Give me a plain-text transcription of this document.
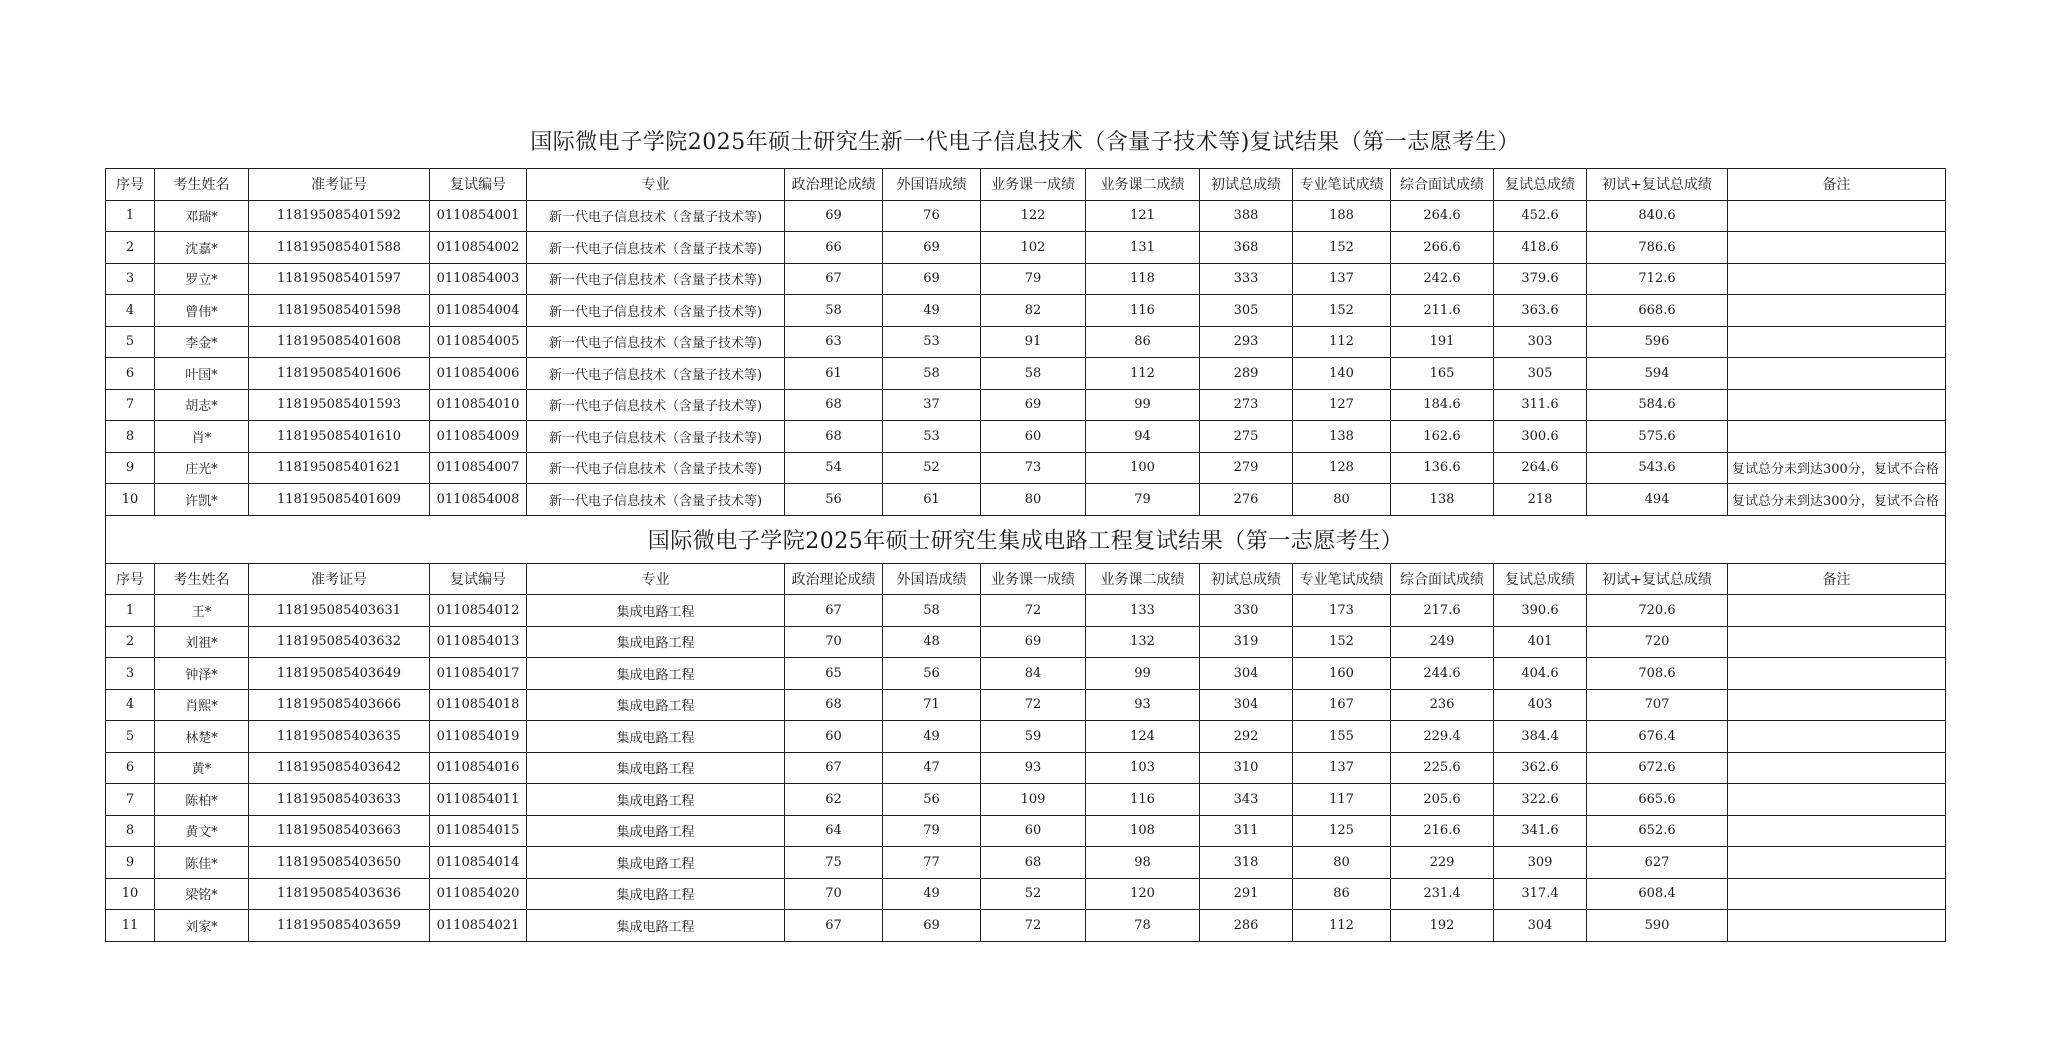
国际微电子学院2025年硕士研究生新一代电子信息技术（含量子技术等)复试结果（第一志愿考生）
序号	考生姓名	准考证号	复试编号	专业	政治理论成绩	外国语成绩	业务课一成绩	业务课二成绩	初试总成绩	专业笔试成绩	综合面试成绩	复试总成绩	初试+复试总成绩	备注
1	邓瑞*	118195085401592	0110854001	新一代电子信息技术（含量子技术等)	69	76	122	121	388	188	264.6	452.6	840.6	
2	沈嘉*	118195085401588	0110854002	新一代电子信息技术（含量子技术等)	66	69	102	131	368	152	266.6	418.6	786.6	
3	罗立*	118195085401597	0110854003	新一代电子信息技术（含量子技术等)	67	69	79	118	333	137	242.6	379.6	712.6	
4	曾伟*	118195085401598	0110854004	新一代电子信息技术（含量子技术等)	58	49	82	116	305	152	211.6	363.6	668.6	
5	李金*	118195085401608	0110854005	新一代电子信息技术（含量子技术等)	63	53	91	86	293	112	191	303	596	
6	叶国*	118195085401606	0110854006	新一代电子信息技术（含量子技术等)	61	58	58	112	289	140	165	305	594	
7	胡志*	118195085401593	0110854010	新一代电子信息技术（含量子技术等)	68	37	69	99	273	127	184.6	311.6	584.6	
8	肖*	118195085401610	0110854009	新一代电子信息技术（含量子技术等)	68	53	60	94	275	138	162.6	300.6	575.6	
9	庄光*	118195085401621	0110854007	新一代电子信息技术（含量子技术等)	54	52	73	100	279	128	136.6	264.6	543.6	复试总分未到达300分，复试不合格
10	许凯*	118195085401609	0110854008	新一代电子信息技术（含量子技术等)	56	61	80	79	276	80	138	218	494	复试总分未到达300分，复试不合格
国际微电子学院2025年硕士研究生集成电路工程复试结果（第一志愿考生）														
序号	考生姓名	准考证号	复试编号	专业	政治理论成绩	外国语成绩	业务课一成绩	业务课二成绩	初试总成绩	专业笔试成绩	综合面试成绩	复试总成绩	初试+复试总成绩	备注
1	王*	118195085403631	0110854012	集成电路工程	67	58	72	133	330	173	217.6	390.6	720.6	
2	刘祖*	118195085403632	0110854013	集成电路工程	70	48	69	132	319	152	249	401	720	
3	钟泽*	118195085403649	0110854017	集成电路工程	65	56	84	99	304	160	244.6	404.6	708.6	
4	肖熙*	118195085403666	0110854018	集成电路工程	68	71	72	93	304	167	236	403	707	
5	林楚*	118195085403635	0110854019	集成电路工程	60	49	59	124	292	155	229.4	384.4	676.4	
6	黄*	118195085403642	0110854016	集成电路工程	67	47	93	103	310	137	225.6	362.6	672.6	
7	陈柏*	118195085403633	0110854011	集成电路工程	62	56	109	116	343	117	205.6	322.6	665.6	
8	黄文*	118195085403663	0110854015	集成电路工程	64	79	60	108	311	125	216.6	341.6	652.6	
9	陈佳*	118195085403650	0110854014	集成电路工程	75	77	68	98	318	80	229	309	627	
10	梁铭*	118195085403636	0110854020	集成电路工程	70	49	52	120	291	86	231.4	317.4	608.4	
11	刘家*	118195085403659	0110854021	集成电路工程	67	69	72	78	286	112	192	304	590	
